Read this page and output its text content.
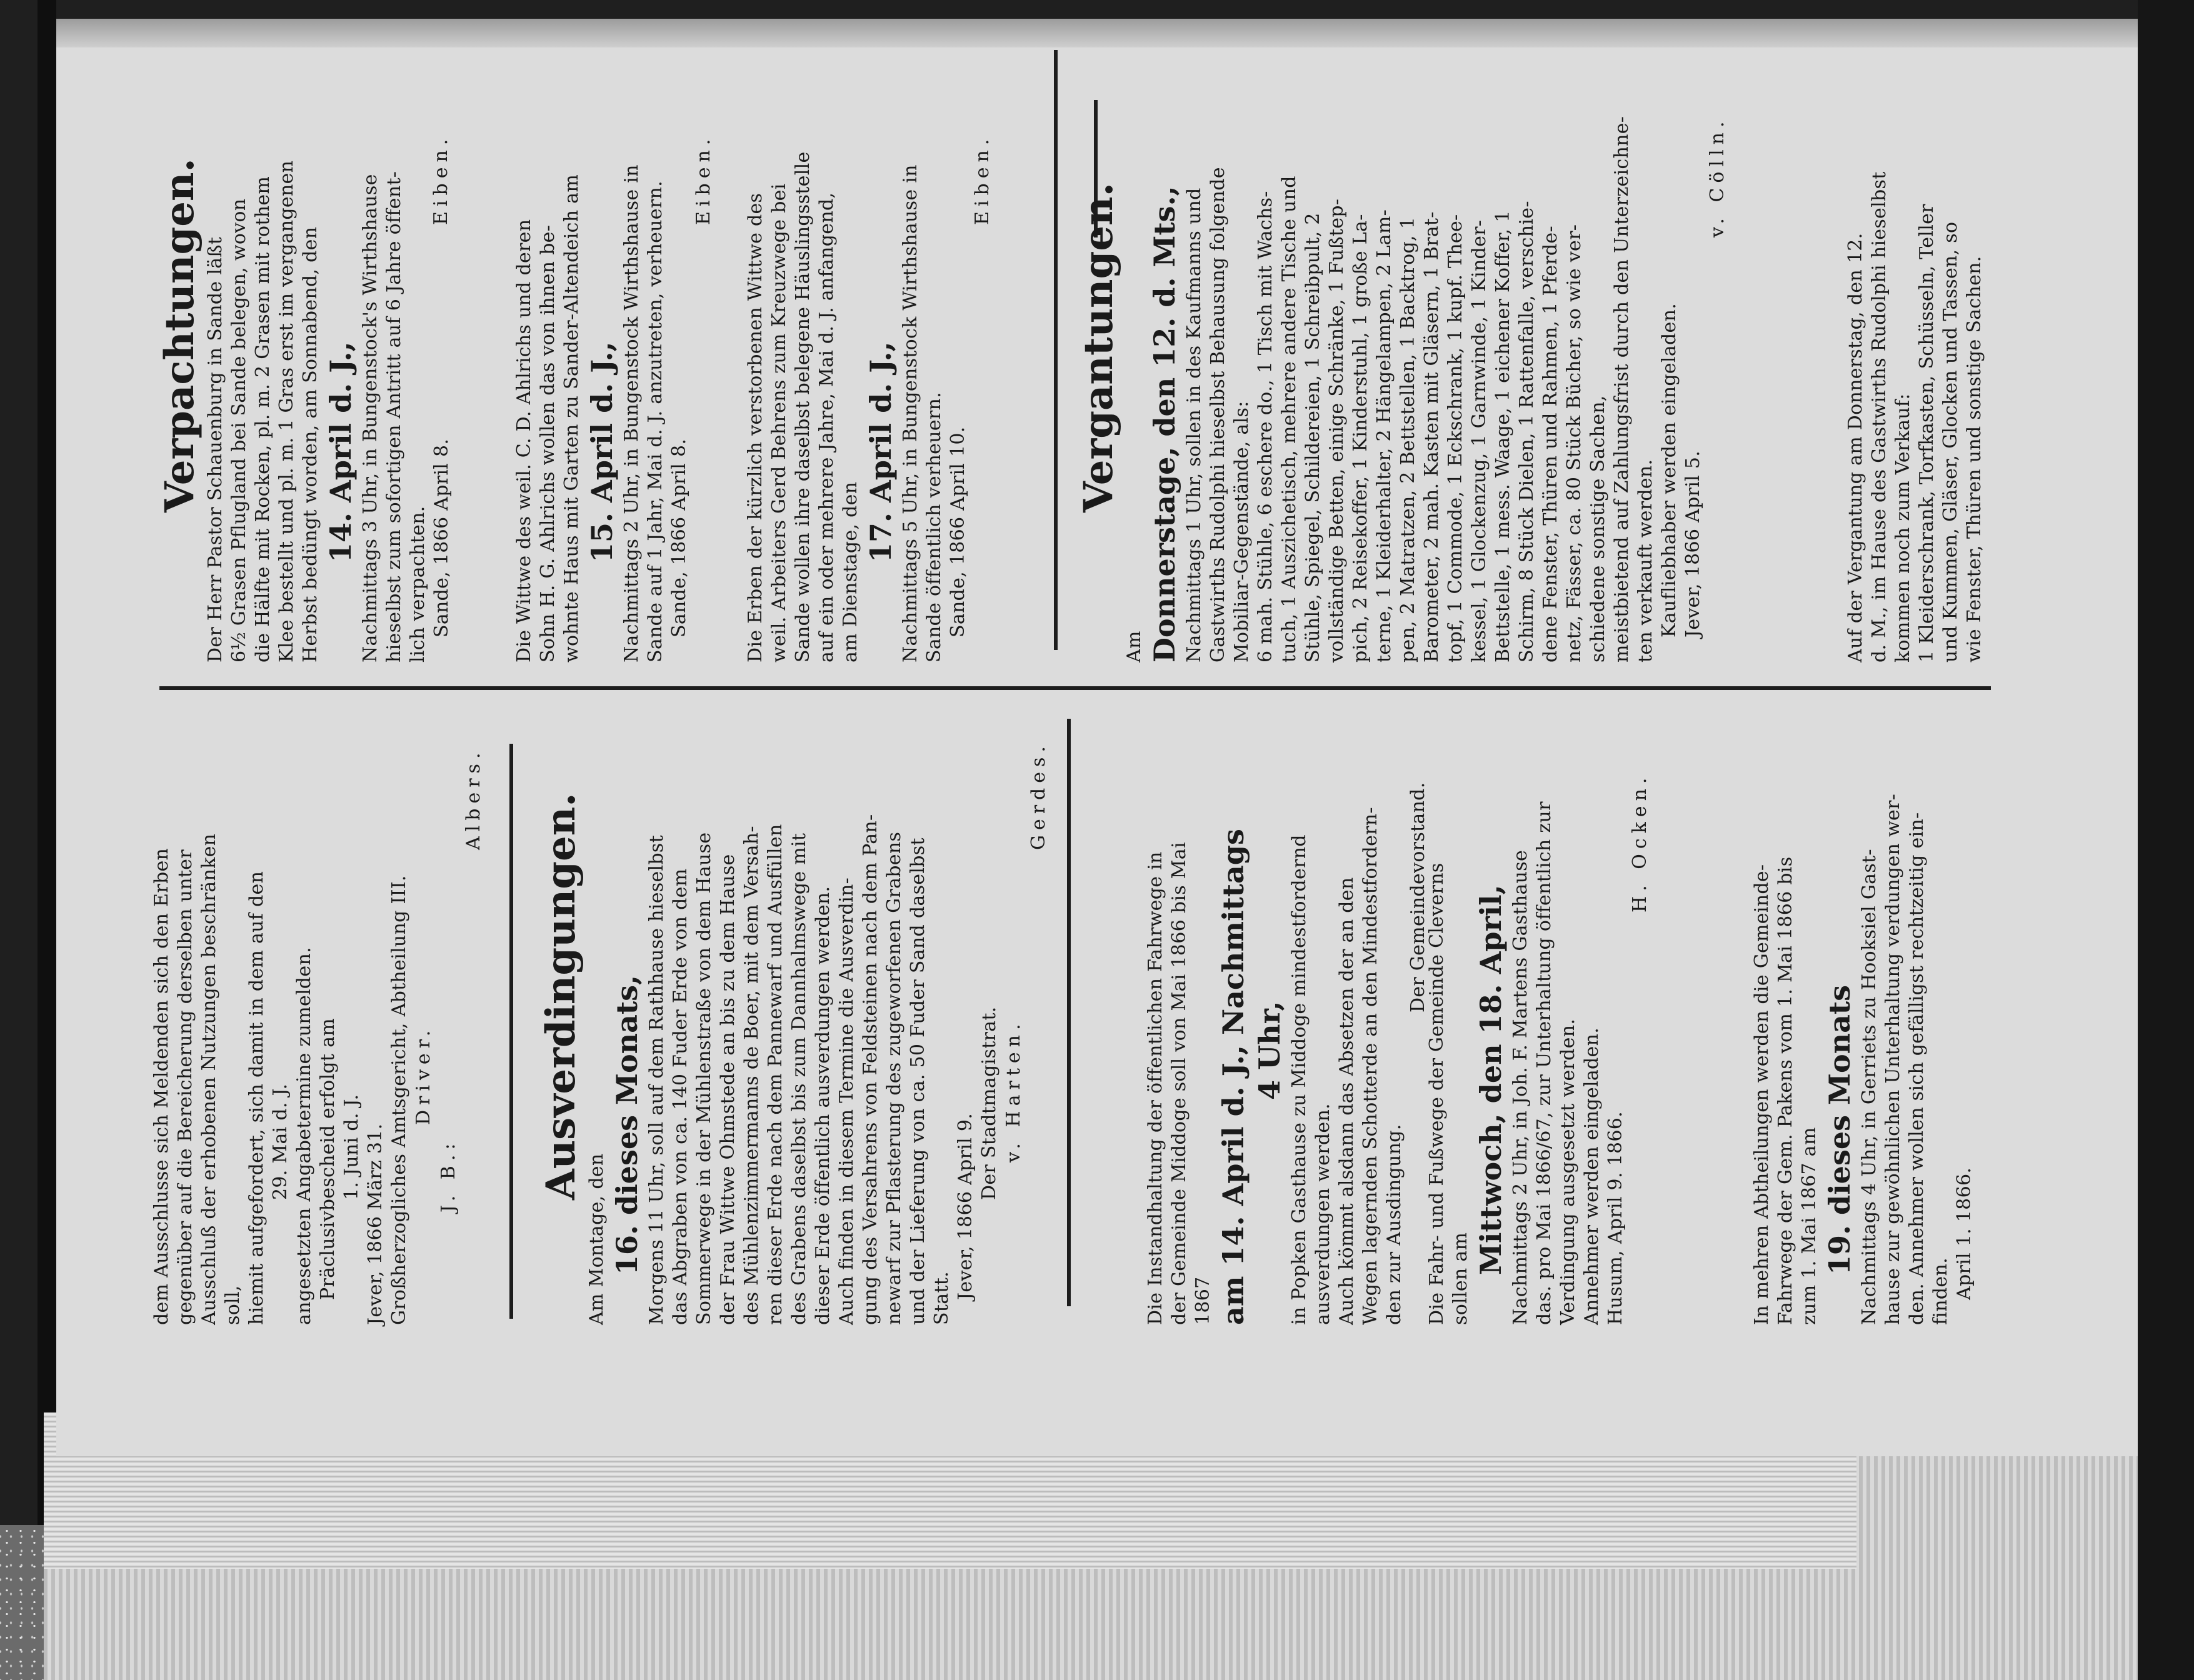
dem Ausschlusse sich Meldenden sich den Erben gegenüber auf die Bereicherung derselben unter Ausschluß der erhobenen Nutzungen beschränken soll, hiemit aufgefordert, sich damit in dem auf den 29. Mai d. J. angesetzten Angabetermine zumelden. Präclusivbescheid erfolgt am 1. Juni d. J. Jever, 1866 März 31. Großherzogliches Amtsgericht, Abtheilung III. Driver.
J. B.:
Albers. Ausverdingungen.
Am Montage, den 16. dieses Monats, Morgens 11 Uhr, soll auf dem Rathhause hieselbst das Abgraben von ca. 140 Fuder Erde von dem Sommerwege in der Mühlenstraße von dem Hause der Frau Wittwe Ohmstede an bis zu dem Hause des Mühlenzimmermanns de Boer, mit dem Versah- ren dieser Erde nach dem Pannewarf und Ausfüllen des Grabens daselbst bis zum Dannhalmswege mit dieser Erde öffentlich ausverdungen werden. Auch finden in diesem Termine die Ausverdin- gung des Versahrens von Feldsteinen nach dem Pan- newarf zur Pflasterung des zugeworfenen Grabens und der Lieferung von ca. 50 Fuder Sand daselbst Statt. Jever, 1866 April 9.
Der Stadtmagistrat. v. Harten.
Gerdes.
Die Instandhaltung der öffentlichen Fahrwege in der Gemeinde Middoge soll von Mai 1866 bis Mai 1867 am 14. April d. J., Nachmittags 4 Uhr, in Popken Gasthause zu Middoge mindestfordernd ausverdungen werden. Auch kömmt alsdann das Absetzen der an den Wegen lagernden Schotterde an den Mindestfordern- den zur Ausdingung.
Der Gemeindevorstand.
Die Fahr- und Fußwege der Gemeinde Cleverns sollen am
Mittwoch, den 18. April, Nachmittags 2 Uhr, in Joh. F. Martens Gasthause das. pro Mai 1866/67, zur Unterhaltung öffentlich zur Verdingung ausgesetzt werden. Annehmer werden eingeladen. Husum, April 9. 1866.
H. Ocken.
In mehren Abtheilungen werden die Gemeinde- Fahrwege der Gem. Pakens vom 1. Mai 1866 bis zum 1. Mai 1867 am 19. dieses Monats Nachmittags 4 Uhr, in Gerriets zu Hooksiel Gast- hause zur gewöhnlichen Unterhaltung verdungen wer- den. Annehmer wollen sich gefälligst rechtzeitig ein- finden. April 1. 1866.
Verpachtungen. Der Herr Pastor Schauenburg in Sande läßt 6⅟₂ Grasen Pflugland bei Sande belegen, wovon die Hälfte mit Rocken, pl. m. 2 Grasen mit rothem Klee bestellt und pl. m. 1 Gras erst im vergangenen Herbst bedüngt worden, am Sonnabend, den 14. April d. J., Nachmittags 3 Uhr, in Bungenstock's Wirthshause hieselbst zum sofortigen Antritt auf 6 Jahre öffent- lich verpachten. Sande, 1866 April 8.
Eiben.
Die Wittwe des weil. C. D. Ahlrichs und deren Sohn H. G. Ahlrichs wollen das von ihnen be- wohnte Haus mit Garten zu Sander-Altendeich am 15. April d. J., Nachmittags 2 Uhr, in Bungenstock Wirthshause in Sande auf 1 Jahr, Mai d. J. anzutreten, verheuern. Sande, 1866 April 8.
Eiben.
Die Erben der kürzlich verstorbenen Wittwe des weil. Arbeiters Gerd Behrens zum Kreuzwege bei Sande wollen ihre daselbst belegene Häuslingsstelle auf ein oder mehrere Jahre, Mai d. J. anfangend, am Dienstage, den
17. April d. J., Nachmittags 5 Uhr, in Bungenstock Wirthshause in Sande öffentlich verheuern. Sande, 1866 April 10.
Eiben.
Vergantungen.
Am Donnerstage, den 12. d. Mts., Nachmittags 1 Uhr, sollen in des Kaufmanns und Gastwirths Rudolphi hieselbst Behausung folgende Mobiliar-Gegenstände, als: 6 mah. Stühle, 6 eschere do., 1 Tisch mit Wachs- tuch, 1 Auszichetisch, mehrere andere Tische und Stühle, Spiegel, Schildereien, 1 Schreibpult, 2 vollständige Betten, einige Schränke, 1 Fußtep- pich, 2 Reisekoffer, 1 Kinderstuhl, 1 große La- terne, 1 Kleiderhalter, 2 Hängelampen, 2 Lam- pen, 2 Matratzen, 2 Bettstellen, 1 Backtrog, 1 Barometer, 2 mah. Kasten mit Gläsern, 1 Brat- topf, 1 Commode, 1 Eckschrank, 1 kupf. Thee- kessel, 1 Glockenzug, 1 Garnwinde, 1 Kinder- Bettstelle, 1 mess. Waage, 1 eichener Koffer, 1 Schirm, 8 Stück Dielen, 1 Rattenfalle, verschie- dene Fenster, Thüren und Rahmen, 1 Pferde- netz, Fässer, ca. 80 Stück Bücher, so wie ver- schiedene sonstige Sachen, meistbietend auf Zahlungsfrist durch den Unterzeichne- ten verkauft werden. Kaufliebhaber werden eingeladen. Jever, 1866 April 5.
v. Cölln.
Auf der Vergantung am Donnerstag, den 12. d. M., im Hause des Gastwirths Rudolphi hieselbst kommen noch zum Verkauf: 1 Kleiderschrank, Torfkasten, Schüsseln, Teller und Kummen, Gläser, Glocken und Tassen, so wie Fenster, Thüren und sonstige Sachen.
